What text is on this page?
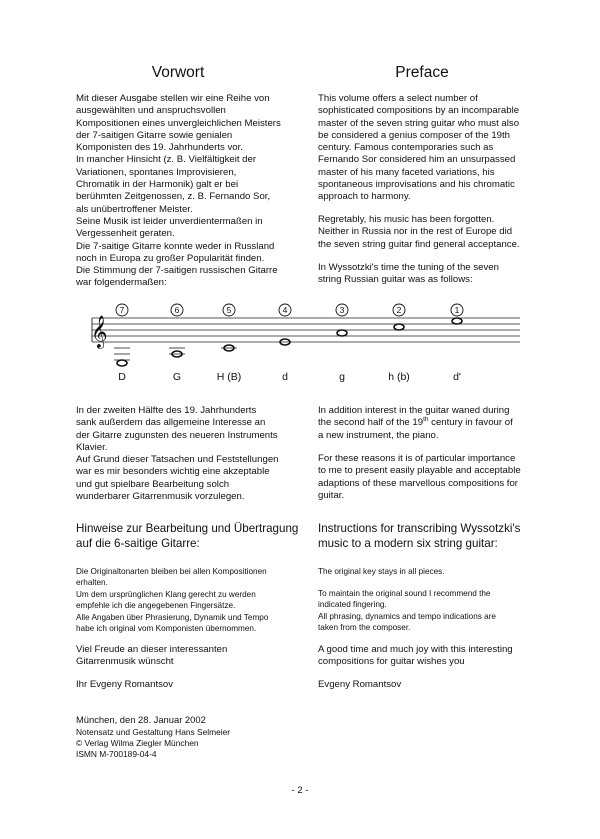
Vorwort	Preface
Mit dieser Ausgabe stellen wir eine Reihe von
ausgewählten und anspruchsvollen
Kompositionen eines unvergleichlichen Meisters
der 7-saitigen Gitarre sowie genialen
Komponisten des 19. Jahrhunderts vor.
In mancher Hinsicht (z. B. Vielfältigkeit der
Variationen, spontanes Improvisieren,
Chromatik in der Harmonik) galt er bei
berühmten Zeitgenossen, z. B. Fernando Sor,
als unübertroffener Meister.
Seine Musik ist leider unverdientermaßen in
Vergessenheit geraten.
Die 7-saitige Gitarre konnte weder in Russland
noch in Europa zu großer Popularität finden.
Die Stimmung der 7-saitigen russischen Gitarre
war folgendermaßen:
This volume offers a select number of
sophisticated compositions by an incomparable
master of the seven string guitar who must also
be considered a genius composer of the 19th
century. Famous contemporaries such as
Fernando Sor considered him an unsurpassed
master of his many faceted variations, his
spontaneous improvisations and his chromatic
approach to harmony.
Regretably, his music has been forgotten.
Neither in Russia nor in the rest of Europe did
the seven string guitar find general acceptance.
In Wyssotzki's time the tuning of the seven
string Russian guitar was as follows:
7	6	5	4	3	2	1
𝄞
D	G	H (B)	d	g	h (b)	d'
In der zweiten Hälfte des 19. Jahrhunderts
sank außerdem das allgemeine Interesse an
der Gitarre zugunsten des neueren Instruments
Klavier.
Auf Grund dieser Tatsachen und Feststellungen
war es mir besonders wichtig eine akzeptable
und gut spielbare Bearbeitung solch
wunderbarer Gitarrenmusik vorzulegen.
In addition interest in the guitar waned during
the second half of the 19th century in favour of
a new instrument, the piano.
For these reasons it is of particular importance
to me to present easily playable and acceptable
adaptions of these marvellous compositions for
guitar.
Hinweise zur Bearbeitung und Übertragung
auf die 6-saitige Gitarre:
Instructions for transcribing Wyssotzki's
music to a modern six string guitar:
Die Originaltonarten bleiben bei allen Kompositionen
erhalten.
Um dem ursprünglichen Klang gerecht zu werden
empfehle ich die angegebenen Fingersätze.
Alle Angaben über Phrasierung, Dynamik und Tempo
habe ich original vom Komponisten übernommen.
The original key stays in all pieces.
To maintain the original sound I recommend the
indicated fingering.
All phrasing, dynamics and tempo indications are
taken from the composer.
Viel Freude an dieser interessanten
Gitarrenmusik wünscht
A good time and much joy with this interesting
compositions for guitar wishes you
Ihr Evgeny Romantsov	Evgeny Romantsov
München, den 28. Januar 2002
Notensatz und Gestaltung Hans Selmeier
© Verlag Wilma Ziegler München
ISMN M-700189-04-4
- 2 -
